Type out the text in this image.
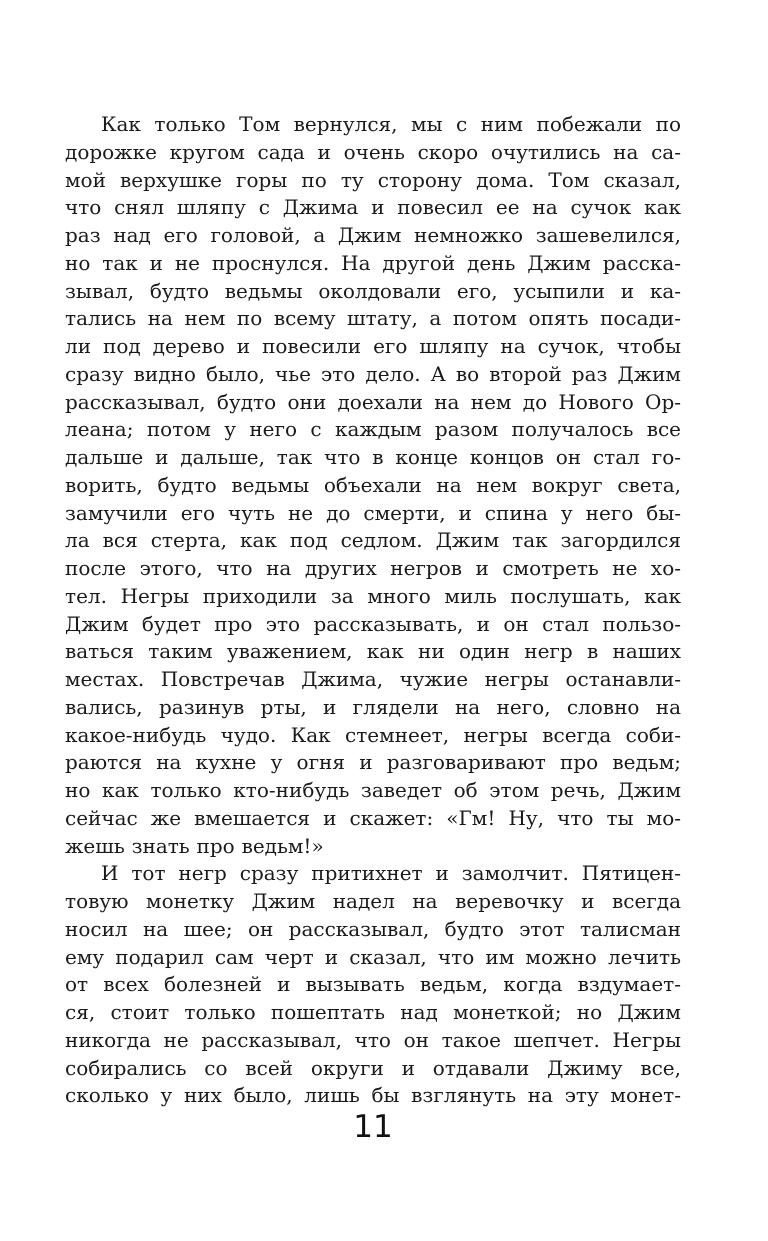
Как только Том вернулся, мы с ним побежали по
дорожке кругом сада и очень скоро очутились на са-
мой верхушке горы по ту сторону дома. Том сказал,
что снял шляпу с Джима и повесил ее на сучок как
раз над его головой, а Джим немножко зашевелился,
но так и не проснулся. На другой день Джим расска-
зывал, будто ведьмы околдовали его, усыпили и ка-
тались на нем по всему штату, а потом опять посади-
ли под дерево и повесили его шляпу на сучок, чтобы
сразу видно было, чье это дело. А во второй раз Джим
рассказывал, будто они доехали на нем до Нового Ор-
леана; потом у него с каждым разом получалось все
дальше и дальше, так что в конце концов он стал го-
ворить, будто ведьмы объехали на нем вокруг света,
замучили его чуть не до смерти, и спина у него бы-
ла вся стерта, как под седлом. Джим так загордился
после этого, что на других негров и смотреть не хо-
тел. Негры приходили за много миль послушать, как
Джим будет про это рассказывать, и он стал пользо-
ваться таким уважением, как ни один негр в наших
местах. Повстречав Джима, чужие негры останавли-
вались, разинув рты, и глядели на него, словно на
какое-нибудь чудо. Как стемнеет, негры всегда соби-
раются на кухне у огня и разговаривают про ведьм;
но как только кто-нибудь заведет об этом речь, Джим
сейчас же вмешается и скажет: «Гм! Ну, что ты мо-
жешь знать про ведьм!»
И тот негр сразу притихнет и замолчит. Пятицен-
товую монетку Джим надел на веревочку и всегда
носил на шее; он рассказывал, будто этот талисман
ему подарил сам черт и сказал, что им можно лечить
от всех болезней и вызывать ведьм, когда вздумает-
ся, стоит только пошептать над монеткой; но Джим
никогда не рассказывал, что он такое шепчет. Негры
собирались со всей округи и отдавали Джиму все,
сколько у них было, лишь бы взглянуть на эту монет-
11
